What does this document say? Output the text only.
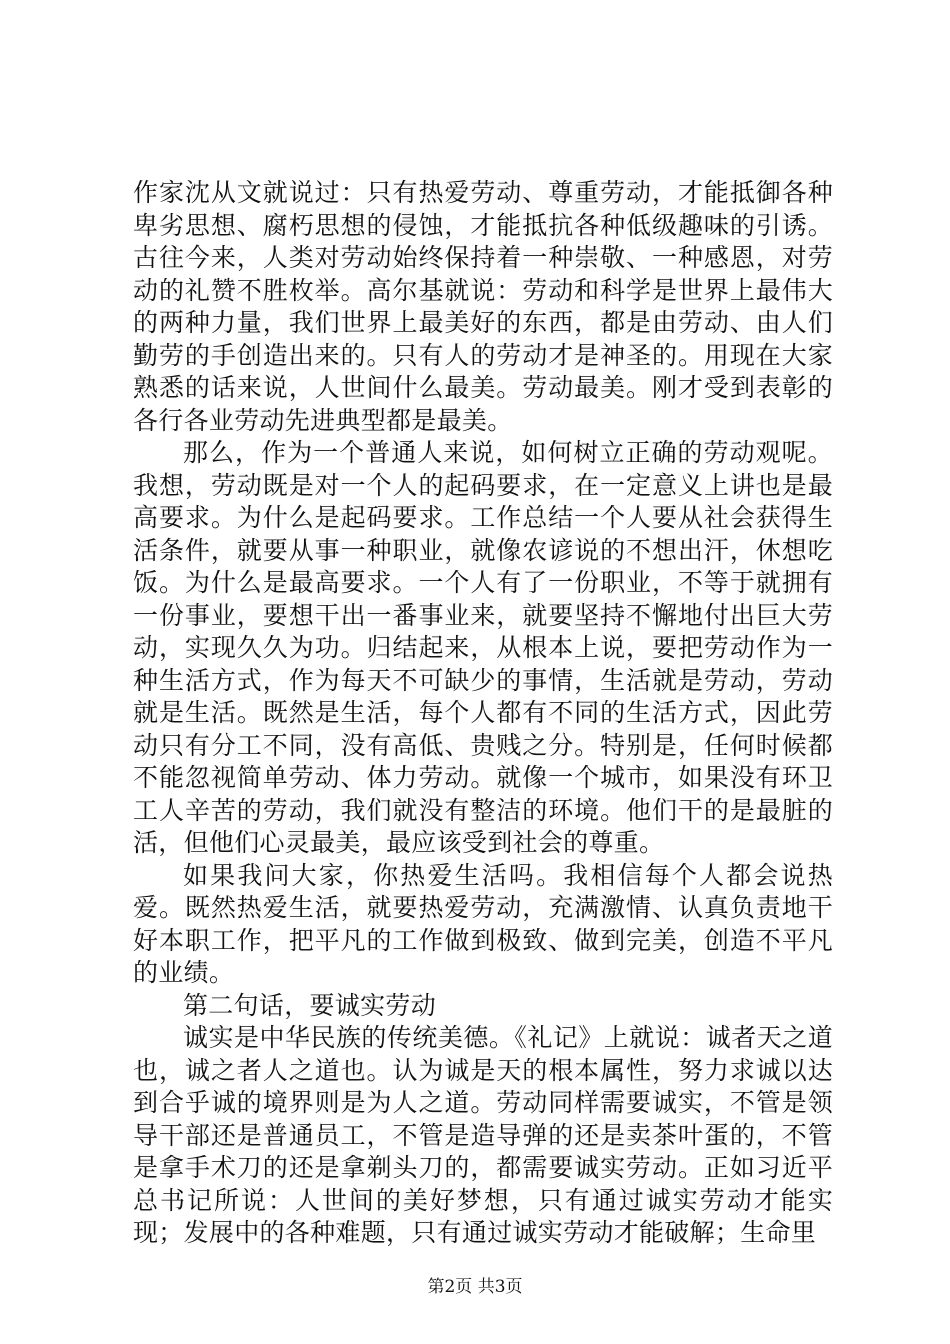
作家沈从文就说过：只有热爱劳动、尊重劳动，才能抵御各种卑劣思想、腐朽思想的侵蚀，才能抵抗各种低级趣味的引诱。古往今来，人类对劳动始终保持着一种崇敬、一种感恩，对劳动的礼赞不胜枚举。高尔基就说：劳动和科学是世界上最伟大的两种力量，我们世界上最美好的东西，都是由劳动、由人们勤劳的手创造出来的。只有人的劳动才是神圣的。用现在大家熟悉的话来说，人世间什么最美。劳动最美。刚才受到表彰的各行各业劳动先进典型都是最美。

那么，作为一个普通人来说，如何树立正确的劳动观呢。我想，劳动既是对一个人的起码要求，在一定意义上讲也是最高要求。为什么是起码要求。工作总结一个人要从社会获得生活条件，就要从事一种职业，就像农谚说的不想出汗，休想吃饭。为什么是最高要求。一个人有了一份职业，不等于就拥有一份事业，要想干出一番事业来，就要坚持不懈地付出巨大劳动，实现久久为功。归结起来，从根本上说，要把劳动作为一种生活方式，作为每天不可缺少的事情，生活就是劳动，劳动就是生活。既然是生活，每个人都有不同的生活方式，因此劳动只有分工不同，没有高低、贵贱之分。特别是，任何时候都不能忽视简单劳动、体力劳动。就像一个城市，如果没有环卫工人辛苦的劳动，我们就没有整洁的环境。他们干的是最脏的活，但他们心灵最美，最应该受到社会的尊重。

如果我问大家，你热爱生活吗。我相信每个人都会说热爱。既然热爱生活，就要热爱劳动，充满激情、认真负责地干好本职工作，把平凡的工作做到极致、做到完美，创造不平凡的业绩。

第二句话，要诚实劳动

诚实是中华民族的传统美德。《礼记》上就说：诚者天之道也，诚之者人之道也。认为诚是天的根本属性，努力求诚以达到合乎诚的境界则是为人之道。劳动同样需要诚实，不管是领导干部还是普通员工，不管是造导弹的还是卖茶叶蛋的，不管是拿手术刀的还是拿剃头刀的，都需要诚实劳动。正如习近平总书记所说：人世间的美好梦想，只有通过诚实劳动才能实现；发展中的各种难题，只有通过诚实劳动才能破解；生命里

第2页 共3页
